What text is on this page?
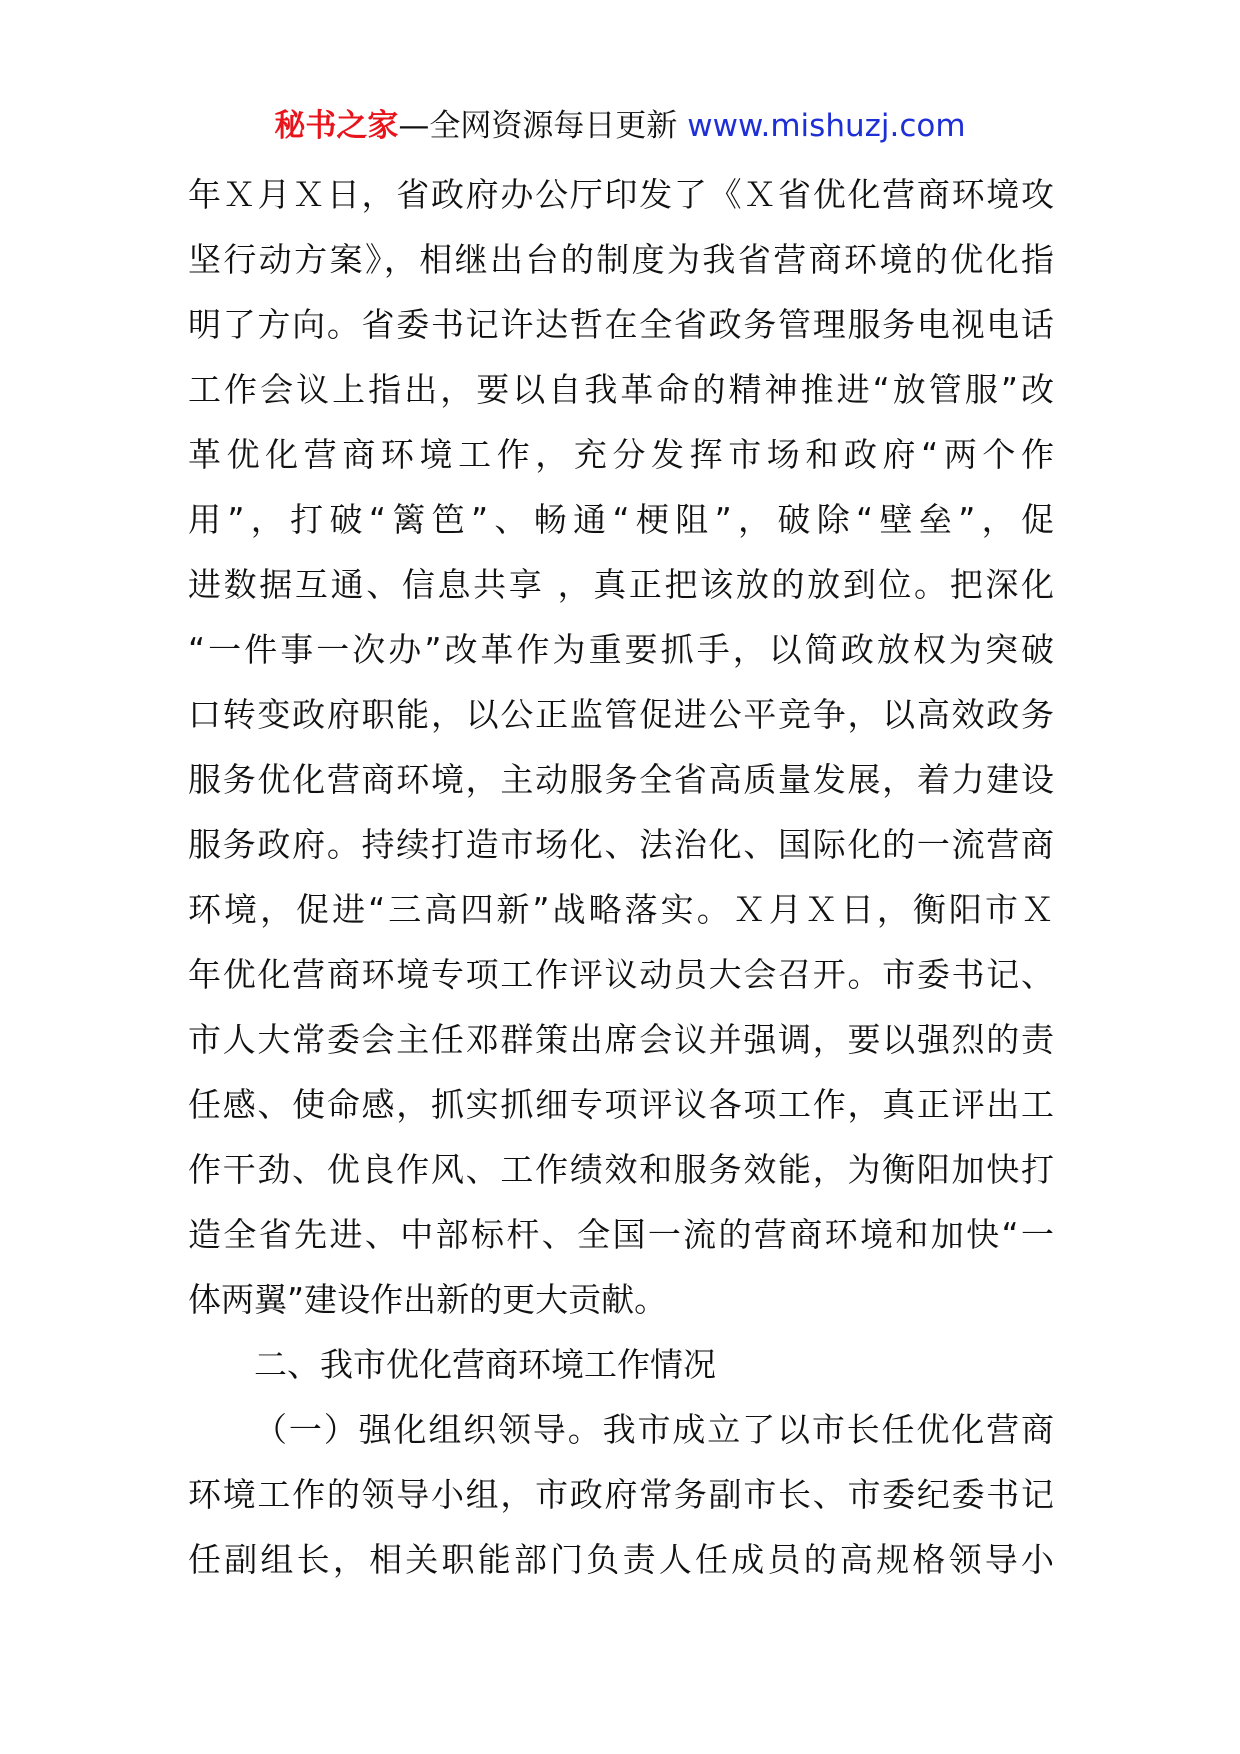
秘书之家—全网资源每日更新 www.mishuzj.com
年Ｘ月Ｘ日，省政府办公厅印发了《Ｘ省优化营商环境攻
坚行动方案》，相继出台的制度为我省营商环境的优化指
明了方向。省委书记许达哲在全省政务管理服务电视电话
工作会议上指出，要以自我革命的精神推进“放管服”改
革优化营商环境工作，充分发挥市场和政府“两个作
用”，打破“篱笆”、畅通“梗阻”，破除“壁垒”，促
进数据互通、信息共享 ，真正把该放的放到位。把深化
“一件事一次办”改革作为重要抓手，以简政放权为突破
口转变政府职能，以公正监管促进公平竞争，以高效政务
服务优化营商环境，主动服务全省高质量发展，着力建设
服务政府。持续打造市场化、法治化、国际化的一流营商
环境，促进“三高四新”战略落实。Ｘ月Ｘ日，衡阳市Ｘ
年优化营商环境专项工作评议动员大会召开。市委书记、
市人大常委会主任邓群策出席会议并强调，要以强烈的责
任感、使命感，抓实抓细专项评议各项工作，真正评出工
作干劲、优良作风、工作绩效和服务效能，为衡阳加快打
造全省先进、中部标杆、全国一流的营商环境和加快“一
体两翼”建设作出新的更大贡献。
二、我市优化营商环境工作情况
（一）强化组织领导。我市成立了以市长任优化营商
环境工作的领导小组，市政府常务副市长、市委纪委书记
任副组长，相关职能部门负责人任成员的高规格领导小
